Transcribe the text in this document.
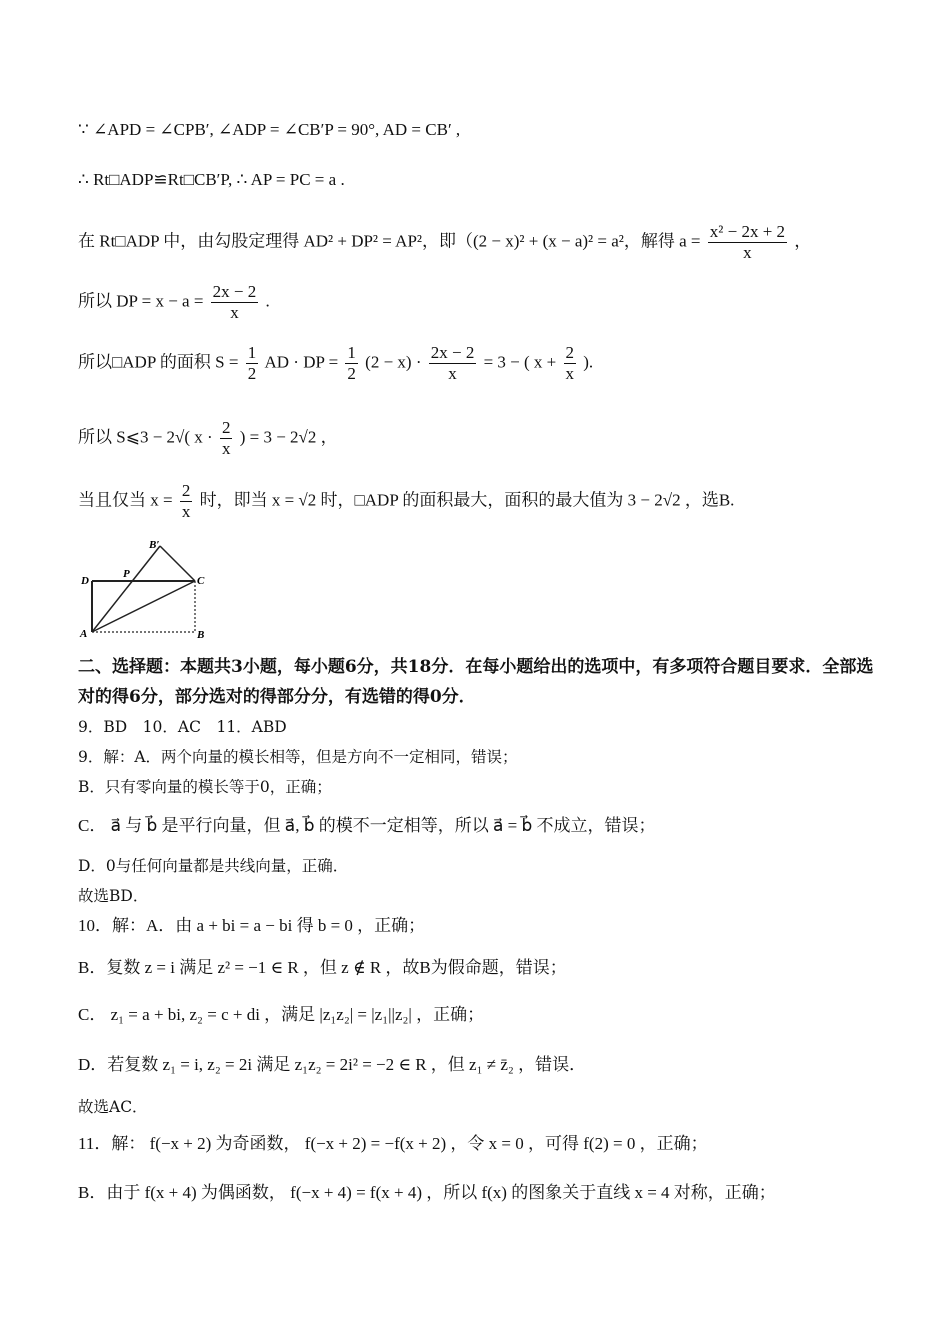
∵ ∠APD = ∠CPB′, ∠ADP = ∠CB′P = 90°, AD = CB′ ,
∴ Rt□ADP≌Rt□CB′P, ∴ AP = PC = a .
在 Rt□ADP 中，由勾股定理得 AD² + DP² = AP²，即（(2 − x)² + (x − a)² = a²，解得 $a = \frac{\text{x² − 2x + 2}}{x}$ ，
所以 DP = $x - a = \frac{2x - 2}{x}$ .
所以□ADP 的面积 $S = \frac{1}{2}$ AD · DP = $\frac{1}{2} (2 - x) \cdot \frac{2x - 2}{x} = 3$ − ( $x + \frac{2}{x}$ ).
所以 S⩽3 − 2√( $x \cdot \frac{2}{x}$ ) = 3 − 2√2 ，
当且仅当 $x = \frac{2}{x}$ 时，即当 x = √2 时，□ADP 的面积最大，面积的最大值为 3 − 2√2 ，选B.
B′
D
P
C
A	B
二、选择题：本题共3小题，每小题6分，共18分．在每小题给出的选项中，有多项符合题目要求．全部选对的得6分，部分选对的得部分分，有选错的得0分．
9．BD　10．AC　11．ABD
9．解：A．两个向量的模长相等，但是方向不一定相同，错误；
B．只有零向量的模长等于0，正确；
C． a⃗ 与 b⃗ 是平行向量，但 a⃗, b⃗ 的模不一定相等，所以 a⃗ = b⃗ 不成立，错误；
D．0与任何向量都是共线向量，正确．
故选BD．
10．解：A．由 a + bi = a − bi 得 b = 0 ，正确；
B．复数 z = i 满足 z² = −1 ∈ R ，但 z ∉ R ，故B为假命题，错误；
C． z₁ = a + bi, z₂ = c + di ，满足 |z₁z₂| = |z₁||z₂| ，正确；
D．若复数 z₁ = i, z₂ = 2i 满足 z₁z₂ = 2i² = −2 ∈ R ，但 z₁ ≠ z̄₂ ，错误．
故选AC．
11．解： f(−x + 2) 为奇函数， f(−x + 2) = −f(x + 2) ，令 x = 0 ，可得 f(2) = 0 ，正确；
B．由于 f(x + 4) 为偶函数， f(−x + 4) = f(x + 4) ，所以 f(x) 的图象关于直线 x = 4 对称，正确；
